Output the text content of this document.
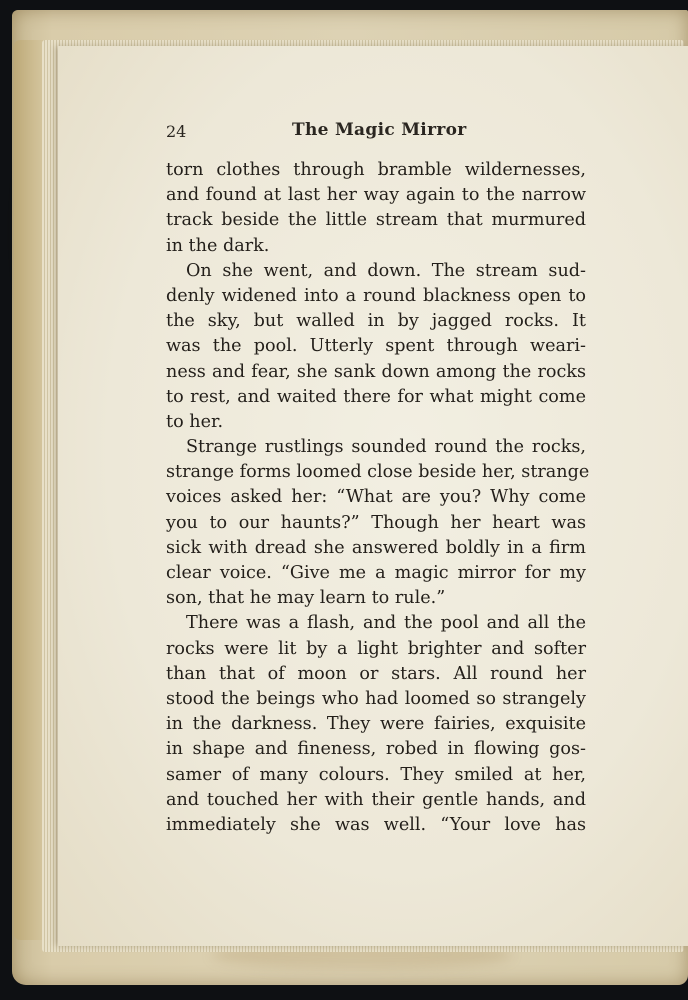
24	The Magic Mirror
torn clothes through bramble wildernesses,
and found at last her way again to the narrow
track beside the little stream that murmured
in the dark.
On she went, and down. The stream sud-
denly widened into a round blackness open to
the sky, but walled in by jagged rocks. It
was the pool. Utterly spent through weari-
ness and fear, she sank down among the rocks
to rest, and waited there for what might come
to her.
Strange rustlings sounded round the rocks,
strange forms loomed close beside her, strange
voices asked her: “What are you? Why come
you to our haunts?” Though her heart was
sick with dread she answered boldly in a firm
clear voice. “Give me a magic mirror for my
son, that he may learn to rule.”
There was a flash, and the pool and all the
rocks were lit by a light brighter and softer
than that of moon or stars. All round her
stood the beings who had loomed so strangely
in the darkness. They were fairies, exquisite
in shape and fineness, robed in flowing gos-
samer of many colours. They smiled at her,
and touched her with their gentle hands, and
immediately she was well. “Your love has
